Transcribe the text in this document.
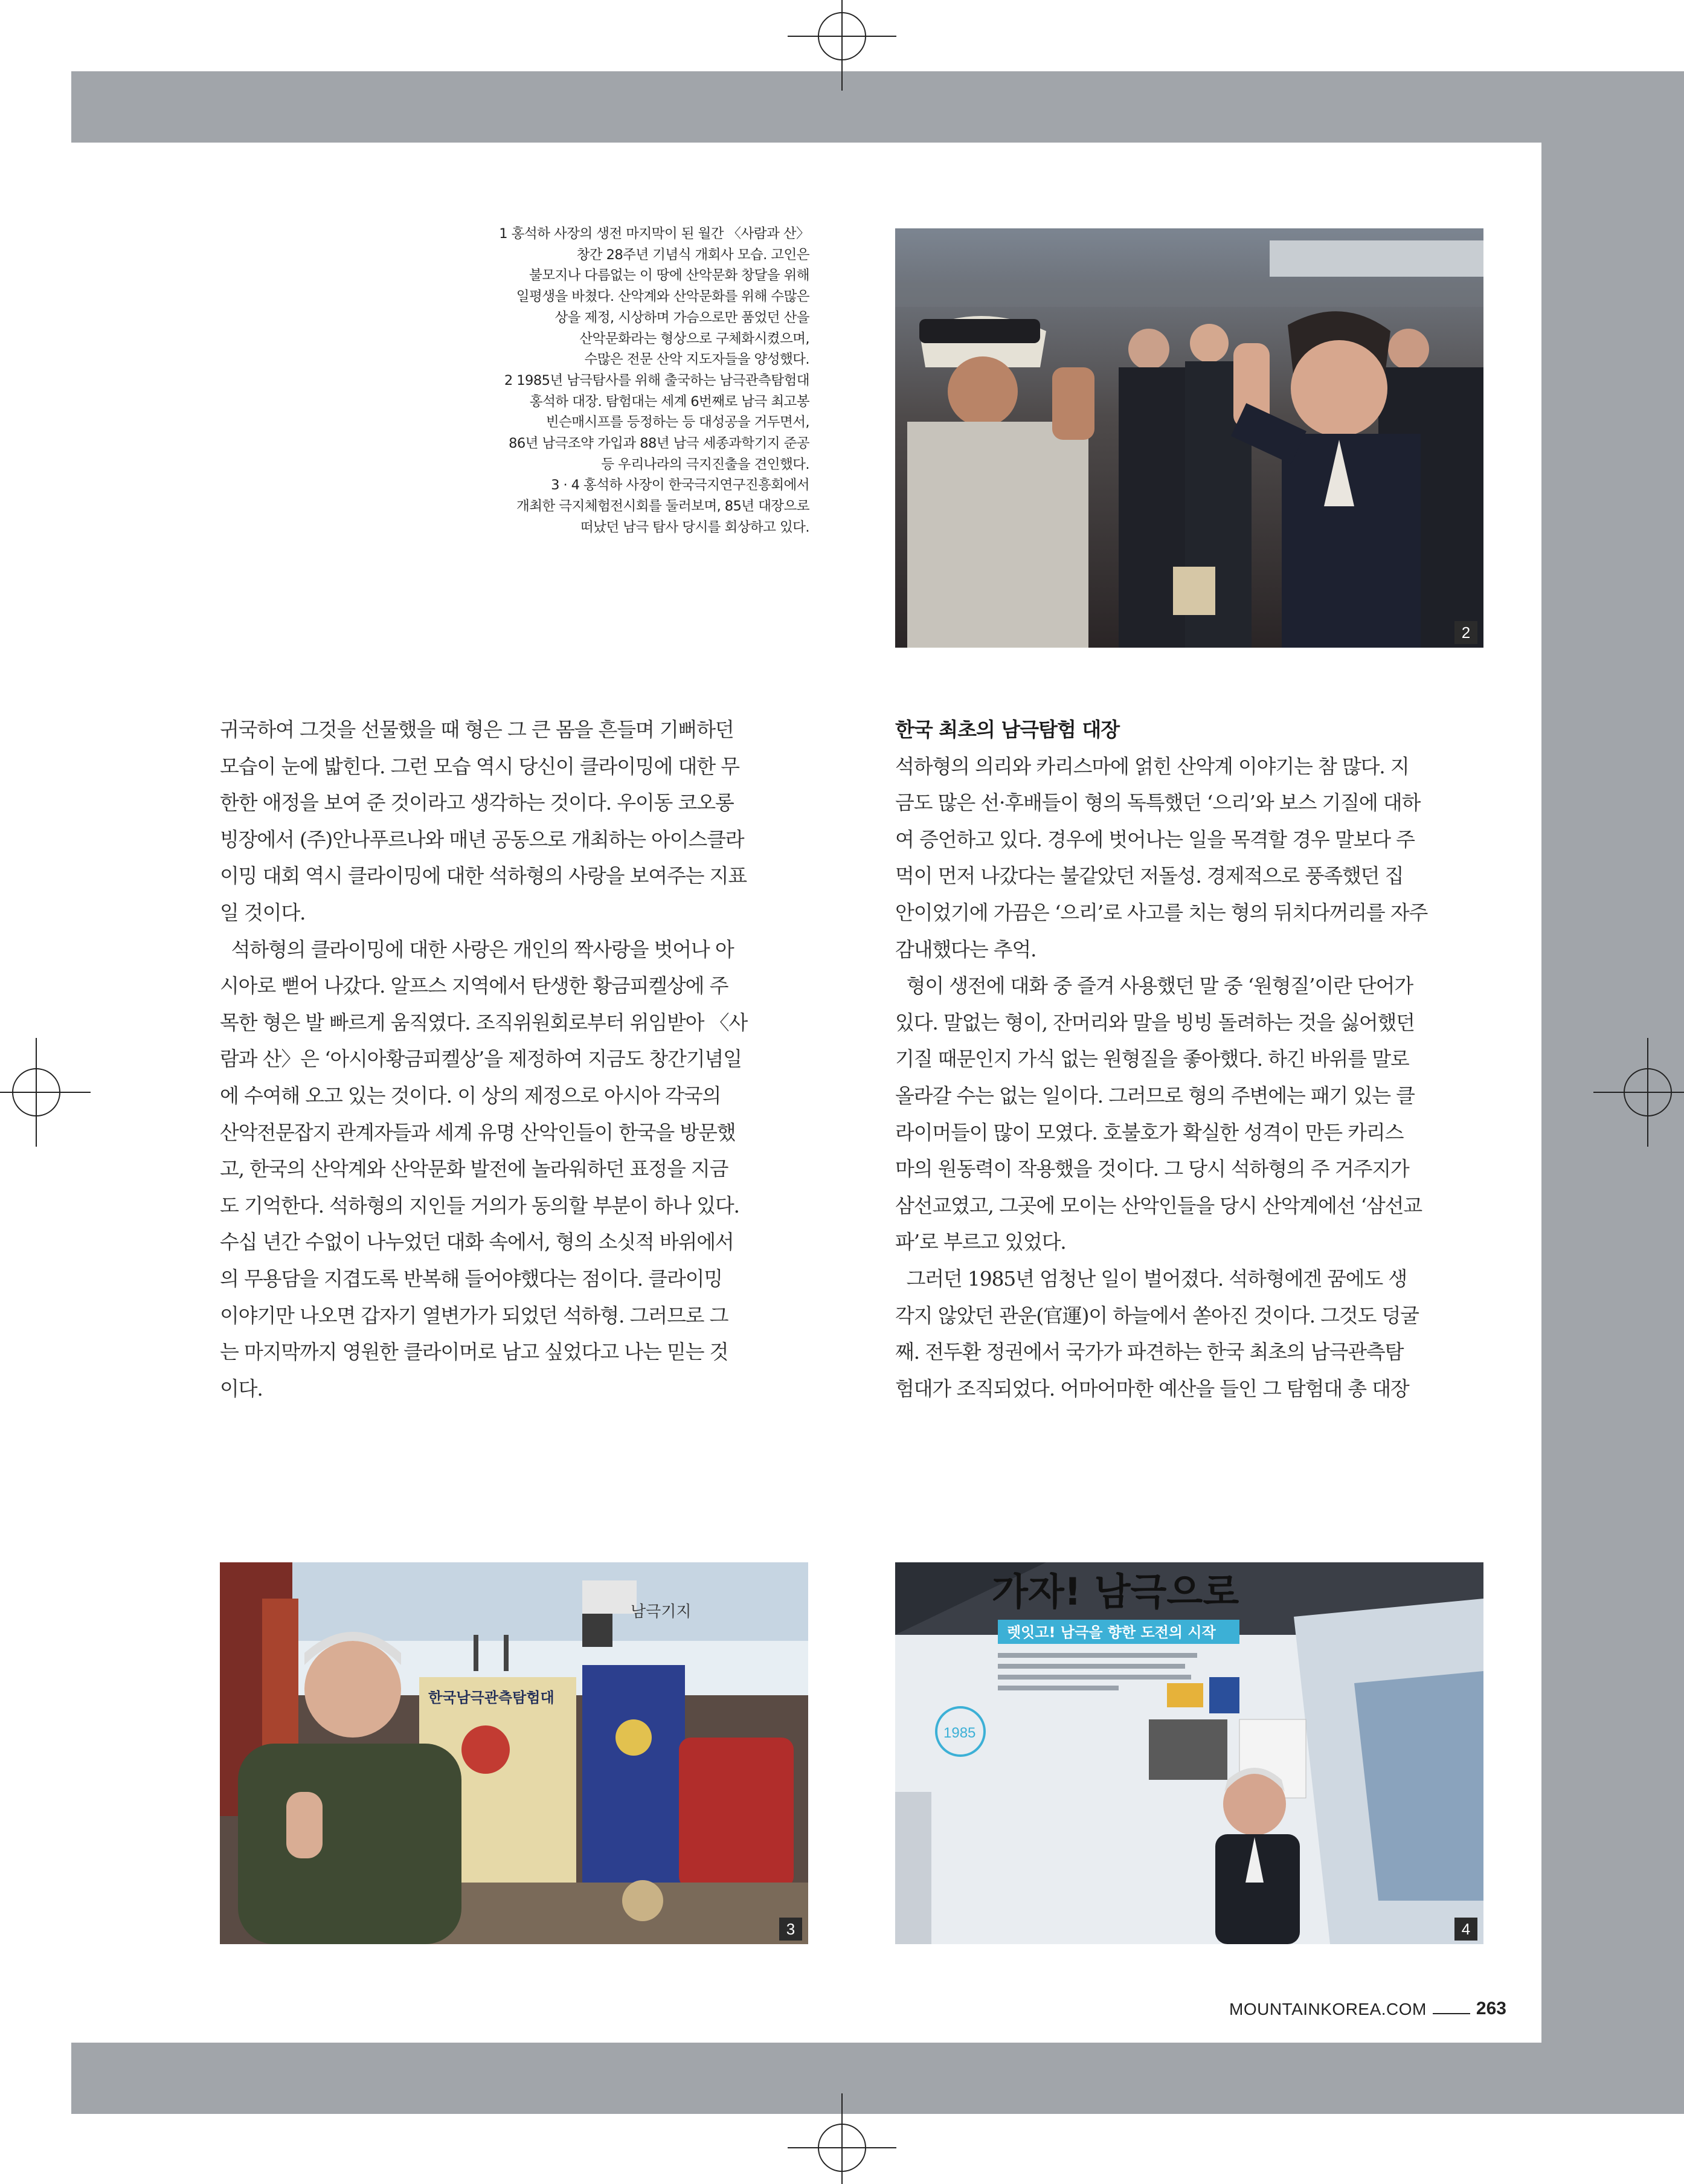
1 홍석하 사장의 생전 마지막이 된 월간 〈사람과 산〉
창간 28주년 기념식 개회사 모습. 고인은
불모지나 다름없는 이 땅에 산악문화 창달을 위해
일평생을 바쳤다. 산악계와 산악문화를 위해 수많은
상을 제정, 시상하며 가슴으로만 품었던 산을
산악문화라는 형상으로 구체화시켰으며,
수많은 전문 산악 지도자들을 양성했다.
2 1985년 남극탐사를 위해 출국하는 남극관측탐험대
홍석하 대장. 탐험대는 세계 6번째로 남극 최고봉
빈슨매시프를 등정하는 등 대성공을 거두면서,
86년 남극조약 가입과 88년 남극 세종과학기지 준공
등 우리나라의 극지진출을 견인했다.
3 · 4 홍석하 사장이 한국극지연구진흥회에서
개최한 극지체험전시회를 둘러보며, 85년 대장으로
떠났던 남극 탐사 당시를 회상하고 있다.
2
귀국하여 그것을 선물했을 때 형은 그 큰 몸을 흔들며 기뻐하던
모습이 눈에 밟힌다. 그런 모습 역시 당신이 클라이밍에 대한 무
한한 애정을 보여 준 것이라고 생각하는 것이다. 우이동 코오롱
빙장에서 (주)안나푸르나와 매년 공동으로 개최하는 아이스클라
이밍 대회 역시 클라이밍에 대한 석하형의 사랑을 보여주는 지표
일 것이다.
석하형의 클라이밍에 대한 사랑은 개인의 짝사랑을 벗어나 아
시아로 뻗어 나갔다. 알프스 지역에서 탄생한 황금피켈상에 주
목한 형은 발 빠르게 움직였다. 조직위원회로부터 위임받아 〈사
람과 산〉은 ‘아시아황금피켈상’을 제정하여 지금도 창간기념일
에 수여해 오고 있는 것이다. 이 상의 제정으로 아시아 각국의
산악전문잡지 관계자들과 세계 유명 산악인들이 한국을 방문했
고, 한국의 산악계와 산악문화 발전에 놀라워하던 표정을 지금
도 기억한다. 석하형의 지인들 거의가 동의할 부분이 하나 있다.
수십 년간 수없이 나누었던 대화 속에서, 형의 소싯적 바위에서
의 무용담을 지겹도록 반복해 들어야했다는 점이다. 클라이밍
이야기만 나오면 갑자기 열변가가 되었던 석하형. 그러므로 그
는 마지막까지 영원한 클라이머로 남고 싶었다고 나는 믿는 것
이다.
한국 최초의 남극탐험 대장
석하형의 의리와 카리스마에 얽힌 산악계 이야기는 참 많다. 지
금도 많은 선·후배들이 형의 독특했던 ‘으리’와 보스 기질에 대하
여 증언하고 있다. 경우에 벗어나는 일을 목격할 경우 말보다 주
먹이 먼저 나갔다는 불같았던 저돌성. 경제적으로 풍족했던 집
안이었기에 가끔은 ‘으리’로 사고를 치는 형의 뒤치다꺼리를 자주
감내했다는 추억.
형이 생전에 대화 중 즐겨 사용했던 말 중 ‘원형질’이란 단어가
있다. 말없는 형이, 잔머리와 말을 빙빙 돌려하는 것을 싫어했던
기질 때문인지 가식 없는 원형질을 좋아했다. 하긴 바위를 말로
올라갈 수는 없는 일이다. 그러므로 형의 주변에는 패기 있는 클
라이머들이 많이 모였다. 호불호가 확실한 성격이 만든 카리스
마의 원동력이 작용했을 것이다. 그 당시 석하형의 주 거주지가
삼선교였고, 그곳에 모이는 산악인들을 당시 산악계에선 ‘삼선교
파’로 부르고 있었다.
그러던 1985년 엄청난 일이 벌어졌다. 석하형에겐 꿈에도 생
각지 않았던 관운(官運)이 하늘에서 쏟아진 것이다. 그것도 덩굴
째. 전두환 정권에서 국가가 파견하는 한국 최초의 남극관측탐
험대가 조직되었다. 어마어마한 예산을 들인 그 탐험대 총 대장
남극기지
한국남극관측탐험대
3
가자! 남극으로
렛잇고! 남극을 향한 도전의 시작
1985
4
MOUNTAINKOREA.COM	263
